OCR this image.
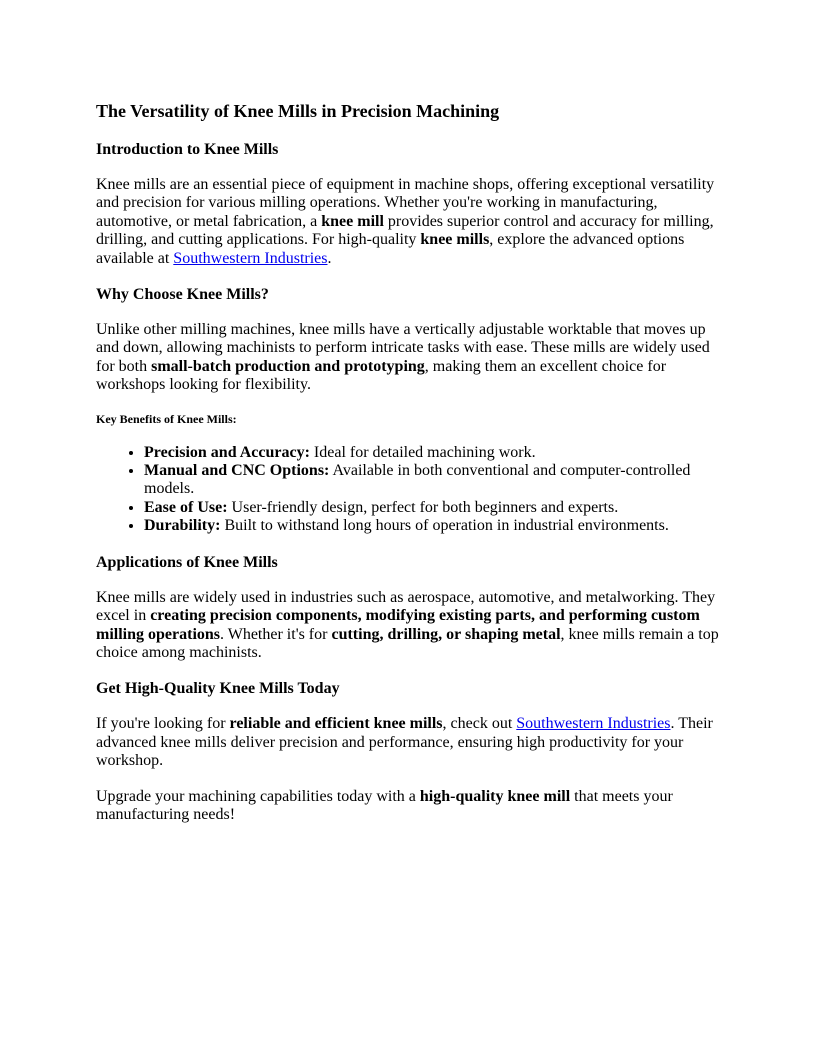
The Versatility of Knee Mills in Precision Machining
Introduction to Knee Mills

Knee mills are an essential piece of equipment in machine shops, offering exceptional versatility and precision for various milling operations. Whether you're working in manufacturing, automotive, or metal fabrication, a knee mill provides superior control and accuracy for milling, drilling, and cutting applications. For high-quality knee mills, explore the advanced options available at Southwestern Industries.

Why Choose Knee Mills?

Unlike other milling machines, knee mills have a vertically adjustable worktable that moves up and down, allowing machinists to perform intricate tasks with ease. These mills are widely used for both small-batch production and prototyping, making them an excellent choice for workshops looking for flexibility.

Key Benefits of Knee Mills:
• Precision and Accuracy: Ideal for detailed machining work.
• Manual and CNC Options: Available in both conventional and computer-controlled models.
• Ease of Use: User-friendly design, perfect for both beginners and experts.
• Durability: Built to withstand long hours of operation in industrial environments.
Applications of Knee Mills

Knee mills are widely used in industries such as aerospace, automotive, and metalworking. They excel in creating precision components, modifying existing parts, and performing custom milling operations. Whether it's for cutting, drilling, or shaping metal, knee mills remain a top choice among machinists.

Get High-Quality Knee Mills Today

If you're looking for reliable and efficient knee mills, check out Southwestern Industries. Their advanced knee mills deliver precision and performance, ensuring high productivity for your workshop.

Upgrade your machining capabilities today with a high-quality knee mill that meets your manufacturing needs!
